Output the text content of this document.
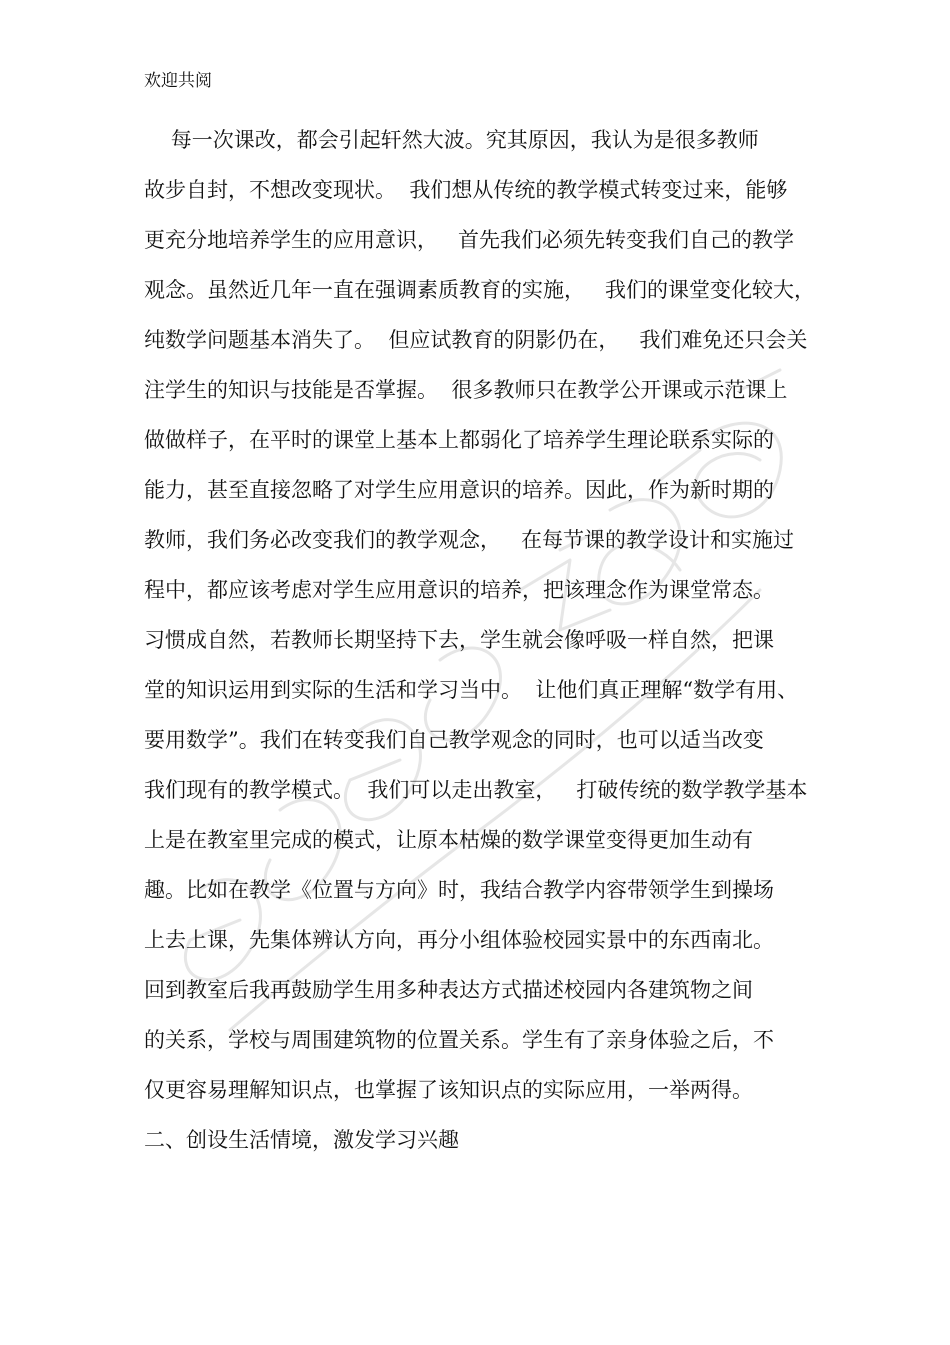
欢迎共阅
每一次课改，都会引起轩然大波。究其原因，我认为是很多教师
故步自封，不想改变现状。  我们想从传统的教学模式转变过来，能够
更充分地培养学生的应用意识，   首先我们必须先转变我们自己的教学
观念。虽然近几年一直在强调素质教育的实施，   我们的课堂变化较大，
纯数学问题基本消失了。  但应试教育的阴影仍在，   我们难免还只会关
注学生的知识与技能是否掌握。  很多教师只在教学公开课或示范课上
做做样子，在平时的课堂上基本上都弱化了培养学生理论联系实际的
能力，甚至直接忽略了对学生应用意识的培养。因此，作为新时期的
教师，我们务必改变我们的教学观念，   在每节课的教学设计和实施过
程中，都应该考虑对学生应用意识的培养，把该理念作为课堂常态。
习惯成自然，若教师长期坚持下去，学生就会像呼吸一样自然，把课
堂的知识运用到实际的生活和学习当中。  让他们真正理解“数学有用、
要用数学”。我们在转变我们自己教学观念的同时，也可以适当改变
我们现有的教学模式。  我们可以走出教室，   打破传统的数学教学基本
上是在教室里完成的模式，让原本枯燥的数学课堂变得更加生动有
趣。比如在教学《位置与方向》时，我结合教学内容带领学生到操场
上去上课，先集体辨认方向，再分小组体验校园实景中的东西南北。
回到教室后我再鼓励学生用多种表达方式描述校园内各建筑物之间
的关系，学校与周围建筑物的位置关系。学生有了亲身体验之后，不
仅更容易理解知识点，也掌握了该知识点的实际应用，一举两得。
二、创设生活情境，激发学习兴趣
